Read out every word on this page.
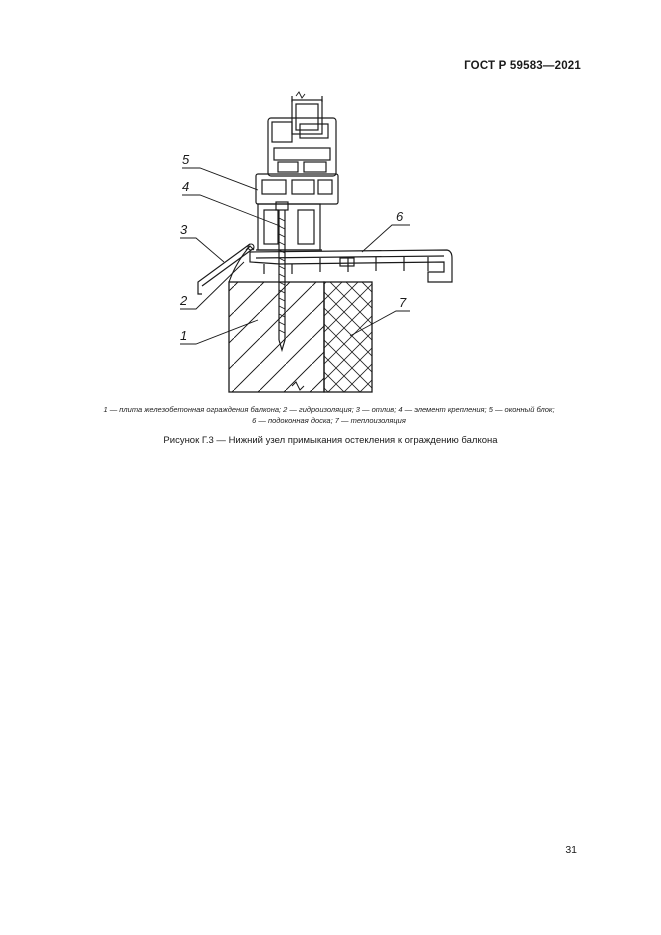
ГОСТ Р 59583—2021
5
4
3
2
1
6
7
1 — плита железобетонная ограждения балкона; 2 — гидроизоляция; 3 — отлив; 4 — элемент крепления; 5 — оконный блок;
6 — подоконная доска; 7 — теплоизоляция
Рисунок Г.3 — Нижний узел примыкания остекления к ограждению балкона
31
